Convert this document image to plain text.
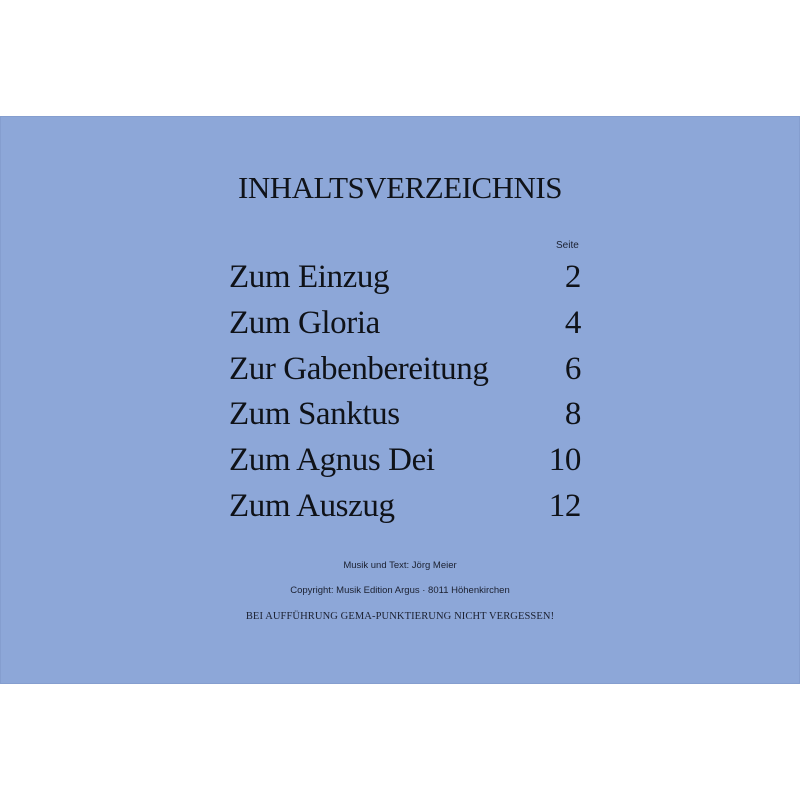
INHALTSVERZEICHNIS
Seite
Zum Einzug	2
Zum Gloria	4
Zur Gabenbereitung 6
Zum Sanktus	8
Zum Agnus Dei	10
Zum Auszug	12
Musik und Text: Jörg Meier
Copyright: Musik Edition Argus · 8011 Höhenkirchen
BEI AUFFÜHRUNG GEMA-PUNKTIERUNG NICHT VERGESSEN!
